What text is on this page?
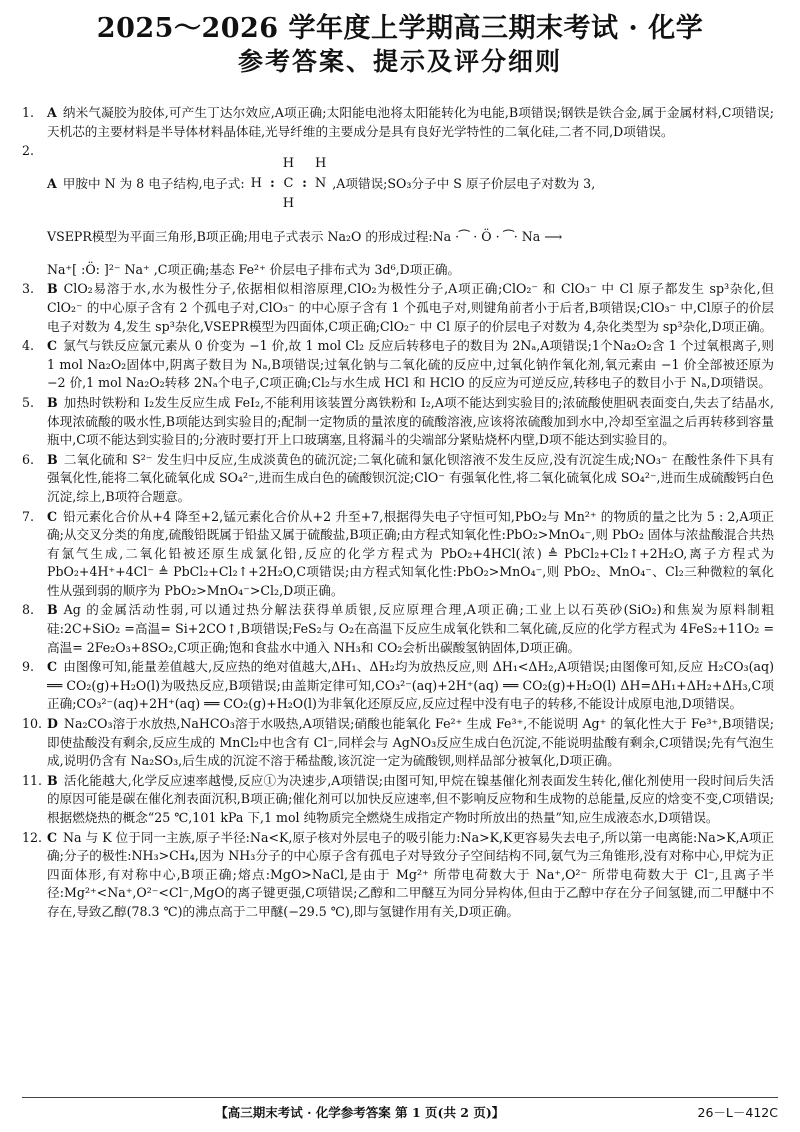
2025～2026 学年度上学期高三期末考试 · 化学
参考答案、提示及评分细则
1.	A 纳米气凝胶为胶体,可产生丁达尔效应,A项正确;太阳能电池将太阳能转化为电能,B项错误;钢铁是铁合金,属于金属材料,C项错误;天机芯的主要材料是半导体材料晶体硅,光导纤维的主要成分是具有良好光学特性的二氧化硅,二者不同,D项错误。
2.
A 甲胺中 N 为 8 电子结构,电子式:
H H
H : C : N
H
,A项错误;SO₃分子中 S 原子价层电子对数为 3,
VSEPR模型为平面三角形,B项正确;用电子式表示 Na₂O 的形成过程:Na ·⁀ · Ö · ⁀· Na ⟶
Na⁺[ :Ö: ]²⁻ Na⁺ ,C项正确;基态 Fe²⁺ 价层电子排布式为 3d⁶,D项正确。
3.	B ClO₂易溶于水,水为极性分子,依据相似相溶原理,ClO₂为极性分子,A项正确;ClO₂⁻ 和 ClO₃⁻ 中 Cl 原子都发生 sp³杂化,但 ClO₂⁻ 的中心原子含有 2 个孤电子对,ClO₃⁻ 的中心原子含有 1 个孤电子对,则键角前者小于后者,B项错误;ClO₃⁻ 中,Cl原子的价层电子对数为 4,发生 sp³杂化,VSEPR模型为四面体,C项正确;ClO₂⁻ 中 Cl 原子的价层电子对数为 4,杂化类型为 sp³杂化,D项正确。
4.	C 氯气与铁反应氯元素从 0 价变为 −1 价,故 1 mol Cl₂ 反应后转移电子的数目为 2Nₐ,A项错误;1个Na₂O₂含 1 个过氧根离子,则 1 mol Na₂O₂固体中,阴离子数目为 Nₐ,B项错误;过氧化钠与二氧化硫的反应中,过氧化钠作氧化剂,氧元素由 −1 价全部被还原为 −2 价,1 mol Na₂O₂转移 2Nₐ个电子,C项正确;Cl₂与水生成 HCl 和 HClO 的反应为可逆反应,转移电子的数目小于 Nₐ,D项错误。
5.	B 加热时铁粉和 I₂发生反应生成 FeI₂,不能利用该装置分离铁粉和 I₂,A项不能达到实验目的;浓硫酸使胆矾表面变白,失去了结晶水,体现浓硫酸的吸水性,B项能达到实验目的;配制一定物质的量浓度的硫酸溶液,应该将浓硫酸加到水中,冷却至室温之后再转移到容量瓶中,C项不能达到实验目的;分液时要打开上口玻璃塞,且将漏斗的尖端部分紧贴烧杯内壁,D项不能达到实验目的。
6.	B 二氧化硫和 S²⁻ 发生归中反应,生成淡黄色的硫沉淀;二氧化硫和氯化钡溶液不发生反应,没有沉淀生成;NO₃⁻ 在酸性条件下具有强氧化性,能将二氧化硫氧化成 SO₄²⁻,进而生成白色的硫酸钡沉淀;ClO⁻ 有强氧化性,将二氧化硫氧化成 SO₄²⁻,进而生成硫酸钙白色沉淀,综上,B项符合题意。
7.	C 铅元素化合价从+4 降至+2,锰元素化合价从+2 升至+7,根据得失电子守恒可知,PbO₂与 Mn²⁺ 的物质的量之比为 5 : 2,A项正确;从交叉分类的角度,硫酸铅既属于铅盐又属于硫酸盐,B项正确;由方程式知氧化性:PbO₂>MnO₄⁻,则 PbO₂ 固体与浓盐酸混合共热有氯气生成,二氧化铅被还原生成氯化铅,反应的化学方程式为 PbO₂+4HCl(浓) ≜ PbCl₂+Cl₂↑+2H₂O,离子方程式为 PbO₂+4H⁺+4Cl⁻ ≜ PbCl₂+Cl₂↑+2H₂O,C项错误;由方程式知氧化性:PbO₂>MnO₄⁻,则 PbO₂、MnO₄⁻、Cl₂三种微粒的氧化性从强到弱的顺序为 PbO₂>MnO₄⁻>Cl₂,D项正确。
8.	B Ag 的金属活动性弱,可以通过热分解法获得单质银,反应原理合理,A项正确;工业上以石英砂(SiO₂)和焦炭为原料制粗硅:2C+SiO₂ =高温= Si+2CO↑,B项错误;FeS₂与 O₂在高温下反应生成氧化铁和二氧化硫,反应的化学方程式为 4FeS₂+11O₂ =高温= 2Fe₂O₃+8SO₂,C项正确;饱和食盐水中通入 NH₃和 CO₂会析出碳酸氢钠固体,D项正确。
9.	C 由图像可知,能量差值越大,反应热的绝对值越大,ΔH₁、ΔH₂均为放热反应,则 ΔH₁<ΔH₂,A项错误;由图像可知,反应 H₂CO₃(aq) ══ CO₂(g)+H₂O(l)为吸热反应,B项错误;由盖斯定律可知,CO₃²⁻(aq)+2H⁺(aq) ══ CO₂(g)+H₂O(l) ΔH=ΔH₁+ΔH₂+ΔH₃,C项正确;CO₃²⁻(aq)+2H⁺(aq) ══ CO₂(g)+H₂O(l)为非氧化还原反应,反应过程中没有电子的转移,不能设计成原电池,D项错误。
10. D Na₂CO₃溶于水放热,NaHCO₃溶于水吸热,A项错误;硝酸也能氧化 Fe²⁺ 生成 Fe³⁺,不能说明 Ag⁺ 的氧化性大于 Fe³⁺,B项错误;即使盐酸没有剩余,反应生成的 MnCl₂中也含有 Cl⁻,同样会与 AgNO₃反应生成白色沉淀,不能说明盐酸有剩余,C项错误;先有气泡生成,说明仍含有 Na₂SO₃,后生成的沉淀不溶于稀盐酸,该沉淀一定为硫酸钡,则样品部分被氧化,D项正确。
11. B 活化能越大,化学反应速率越慢,反应①为决速步,A项错误;由图可知,甲烷在镍基催化剂表面发生转化,催化剂使用一段时间后失活的原因可能是碳在催化剂表面沉积,B项正确;催化剂可以加快反应速率,但不影响反应物和生成物的总能量,反应的焓变不变,C项错误;根据燃烧热的概念“25 ℃,101 kPa 下,1 mol 纯物质完全燃烧生成指定产物时所放出的热量”知,应生成液态水,D项错误。
12. C Na 与 K 位于同一主族,原子半径:Na<K,原子核对外层电子的吸引能力:Na>K,K更容易失去电子,所以第一电离能:Na>K,A项正确;分子的极性:NH₃>CH₄,因为 NH₃分子的中心原子含有孤电子对导致分子空间结构不同,氨气为三角锥形,没有对称中心,甲烷为正四面体形,有对称中心,B项正确;熔点:MgO>NaCl,是由于 Mg²⁺ 所带电荷数大于 Na⁺,O²⁻ 所带电荷数大于 Cl⁻,且离子半径:Mg²⁺<Na⁺,O²⁻<Cl⁻,MgO的离子键更强,C项错误;乙醇和二甲醚互为同分异构体,但由于乙醇中存在分子间氢键,而二甲醚中不存在,导致乙醇(78.3 ℃)的沸点高于二甲醚(−29.5 ℃),即与氢键作用有关,D项正确。
【高三期末考试 · 化学参考答案 第 1 页(共 2 页)】	26－L－412C
